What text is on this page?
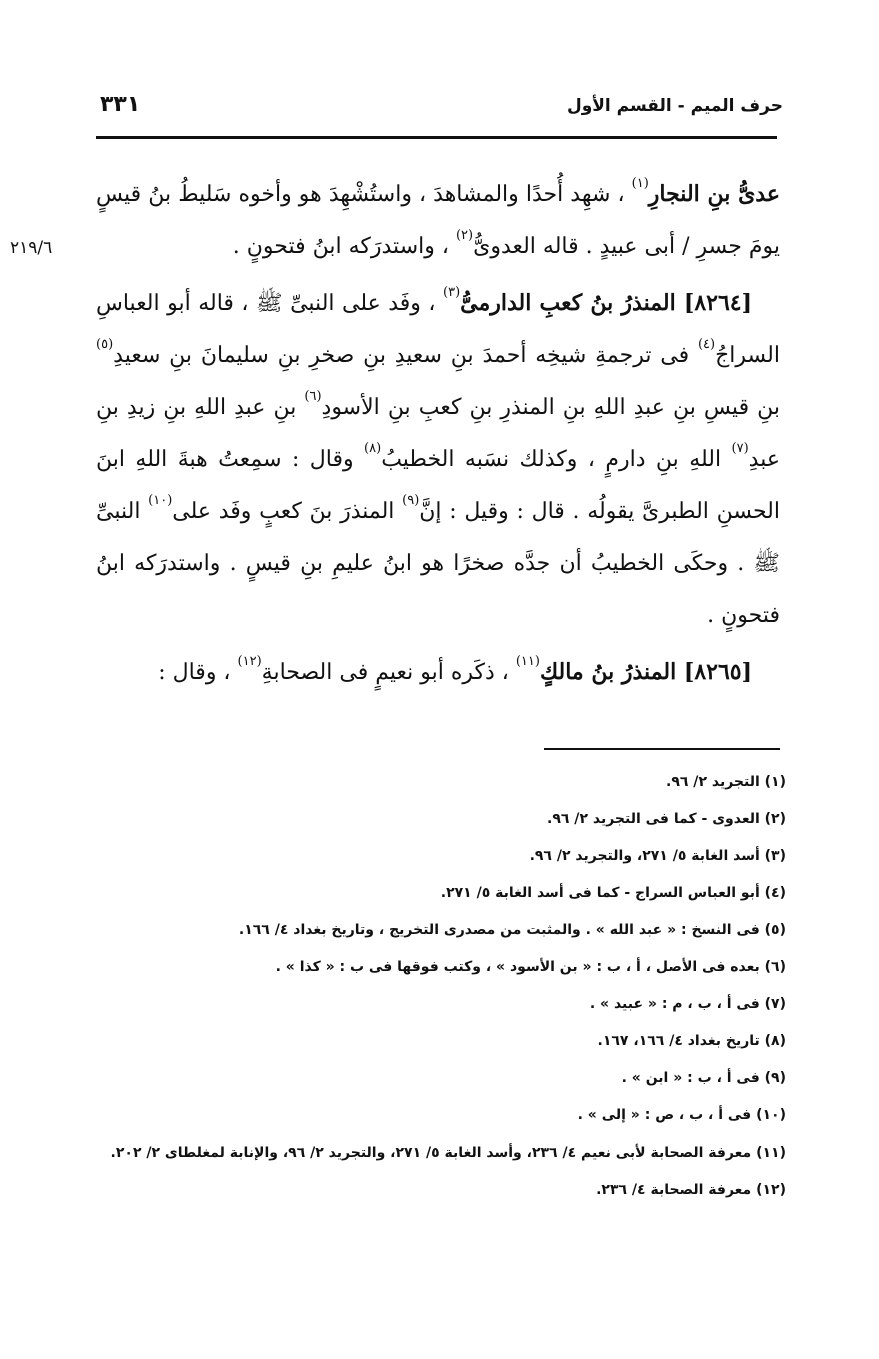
حرف الميم - القسم الأول
٣٣١
٢١٩/٦

عدىُّ بنِ النجارِ$^{(١)}$ ، شهِد أُحدًا والمشاهدَ ، واستُشْهِدَ هو وأخوه سَليطُ بنُ قيسٍ يومَ جسرِ / أبى عبيدٍ . قاله العدوىُّ$^{(٢)}$ ، واستدرَكه ابنُ فتحونٍ .

[٨٢٦٤] المنذرُ بنُ كعبِ الدارمىُّ$^{(٣)}$ ، وفَد على النبىِّ ﷺ ، قاله أبو العباسِ السراجُ$^{(٤)}$ فى ترجمةِ شيخِه أحمدَ بنِ سعيدِ بنِ صخرِ بنِ سليمانَ بنِ سعيدِ$^{(٥)}$ بنِ قيسِ بنِ عبدِ اللهِ بنِ المنذرِ بنِ كعبِ بنِ الأسودِ$^{(٦)}$ بنِ عبدِ اللهِ بنِ زيدِ بنِ عبدِ$^{(٧)}$ اللهِ بنِ دارمٍ ، وكذلك نسَبه الخطيبُ$^{(٨)}$ وقال : سمِعتُ هبةَ اللهِ ابنَ الحسنِ الطبرىَّ يقولُه . قال : وقيل : إنَّ$^{(٩)}$ المنذرَ بنَ كعبٍ وفَد على$^{(١٠)}$ النبىِّ ﷺ . وحكَى الخطيبُ أن جدَّه صخرًا هو ابنُ عليمِ بنِ قيسٍ . واستدرَكه ابنُ فتحونٍ .

[٨٢٦٥] المنذرُ بنُ مالكٍ$^{(١١)}$ ، ذكَره أبو نعيمٍ فى الصحابةِ$^{(١٢)}$ ، وقال :

(١) التجريد ٢/ ٩٦.

(٢) العدوى - كما فى التجريد ٢/ ٩٦.

(٣) أسد الغابة ٥/ ٢٧١، والتجريد ٢/ ٩٦.

(٤) أبو العباس السراج - كما فى أسد الغابة ٥/ ٢٧١.

(٥) فى النسخ : « عبد الله » . والمثبت من مصدرى التخريج ، وتاريخ بغداد ٤/ ١٦٦.

(٦) بعده فى الأصل ، أ ، ب : « بن الأسود » ، وكتب فوقها فى ب : « كذا » .

(٧) فى أ ، ب ، م : « عبيد » .

(٨) تاريخ بغداد ٤/ ١٦٦، ١٦٧.

(٩) فى أ ، ب : « ابن » .

(١٠) فى أ ، ب ، ص : « إلى » .

(١١) معرفة الصحابة لأبى نعيم ٤/ ٢٣٦، وأسد الغابة ٥/ ٢٧١، والتجريد ٢/ ٩٦، والإنابة لمغلطاى ٢/ ٢٠٢.

(١٢) معرفة الصحابة ٤/ ٢٣٦.
